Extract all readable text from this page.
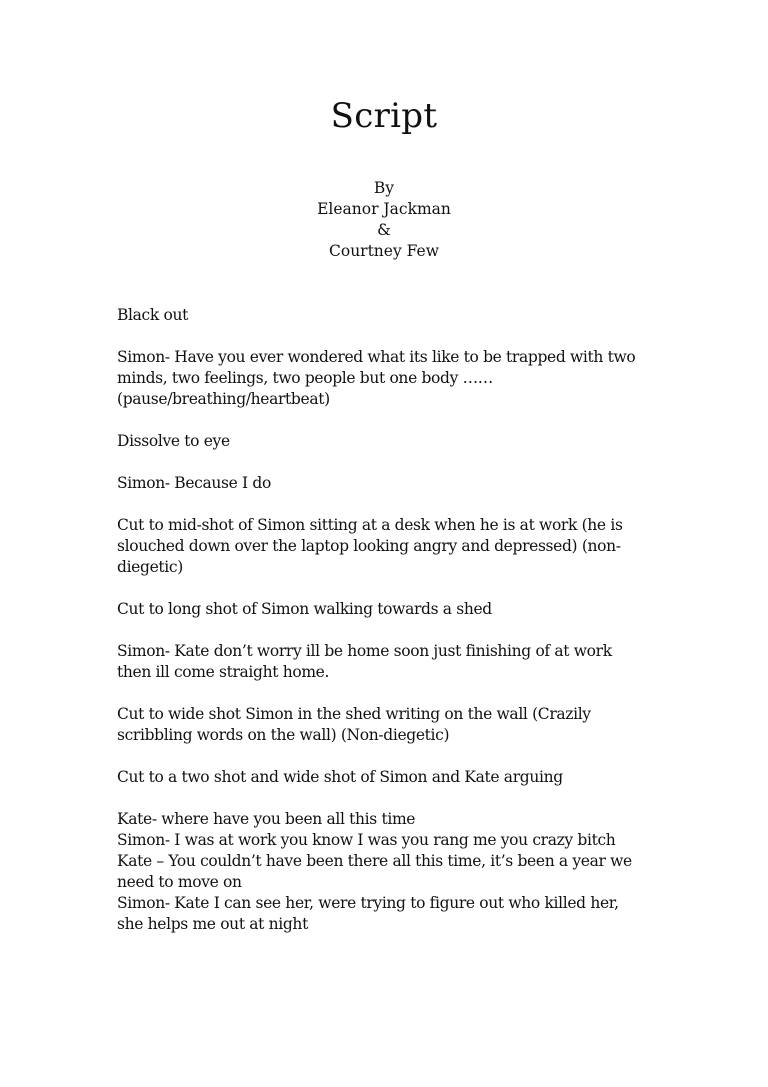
Script
By
Eleanor Jackman
&
Courtney Few

Black out

Simon- Have you ever wondered what its like to be trapped with two
minds, two feelings, two people but one body ……
(pause/breathing/heartbeat)

Dissolve to eye

Simon- Because I do

Cut to mid-shot of Simon sitting at a desk when he is at work (he is
slouched down over the laptop looking angry and depressed) (non-
diegetic)

Cut to long shot of Simon walking towards a shed

Simon- Kate don’t worry ill be home soon just finishing of at work
then ill come straight home.

Cut to wide shot Simon in the shed writing on the wall (Crazily
scribbling words on the wall) (Non-diegetic)

Cut to a two shot and wide shot of Simon and Kate arguing

Kate- where have you been all this time
Simon- I was at work you know I was you rang me you crazy bitch
Kate – You couldn’t have been there all this time, it’s been a year we
need to move on
Simon- Kate I can see her, were trying to figure out who killed her,
she helps me out at night
